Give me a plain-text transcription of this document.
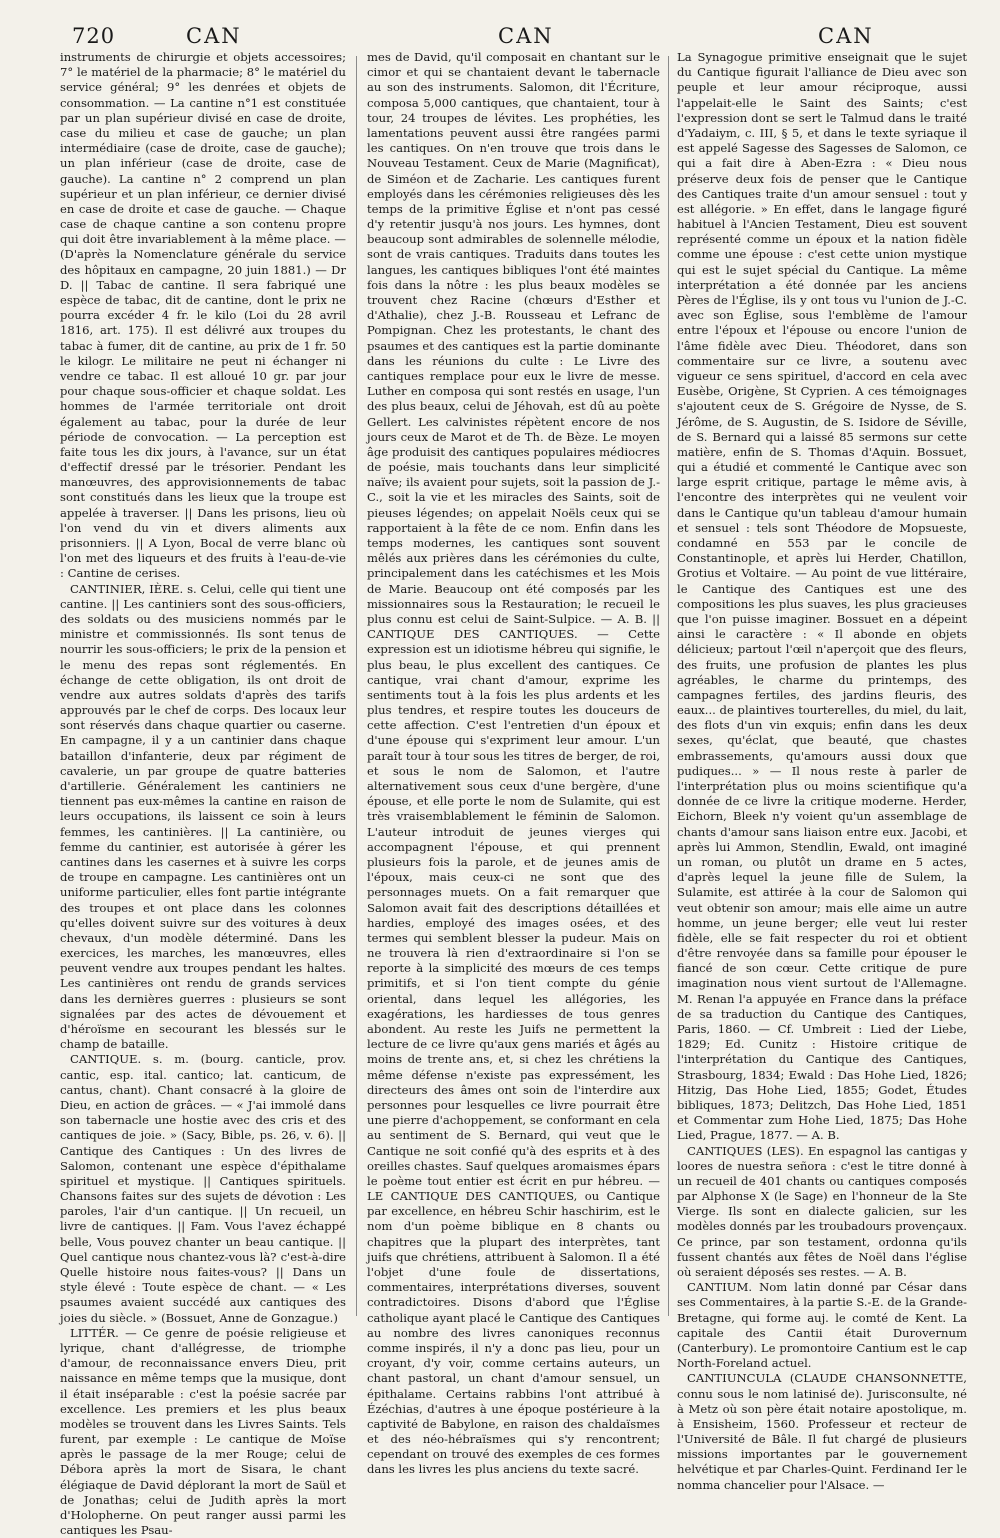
720	CAN	CAN	CAN

instruments de chirurgie et objets accessoires; 7° le matériel de la pharmacie; 8° le matériel du service général; 9° les denrées et objets de consommation. — La cantine n°1 est constituée par un plan supérieur divisé en case de droite, case du milieu et case de gauche; un plan intermédiaire (case de droite, case de gauche); un plan inférieur (case de droite, case de gauche). La cantine n° 2 comprend un plan supérieur et un plan inférieur, ce dernier divisé en case de droite et case de gauche. — Chaque case de chaque cantine a son contenu propre qui doit être invariablement à la même place. — (D'après la Nomenclature générale du service des hôpitaux en campagne, 20 juin 1881.) — Dr D. || Tabac de cantine. Il sera fabriqué une espèce de tabac, dit de cantine, dont le prix ne pourra excéder 4 fr. le kilo (Loi du 28 avril 1816, art. 175). Il est délivré aux troupes du tabac à fumer, dit de cantine, au prix de 1 fr. 50 le kilogr. Le militaire ne peut ni échanger ni vendre ce tabac. Il est alloué 10 gr. par jour pour chaque sous-officier et chaque soldat. Les hommes de l'armée territoriale ont droit également au tabac, pour la durée de leur période de convocation. — La perception est faite tous les dix jours, à l'avance, sur un état d'effectif dressé par le trésorier. Pendant les manœuvres, des approvisionnements de tabac sont constitués dans les lieux que la troupe est appelée à traverser. || Dans les prisons, lieu où l'on vend du vin et divers aliments aux prisonniers. || A Lyon, Bocal de verre blanc où l'on met des liqueurs et des fruits à l'eau-de-vie : Cantine de cerises.

CANTINIER, IÈRE. s. Celui, celle qui tient une cantine. || Les cantiniers sont des sous-officiers, des soldats ou des musiciens nommés par le ministre et commissionnés. Ils sont tenus de nourrir les sous-officiers; le prix de la pension et le menu des repas sont réglementés. En échange de cette obligation, ils ont droit de vendre aux autres soldats d'après des tarifs approuvés par le chef de corps. Des locaux leur sont réservés dans chaque quartier ou caserne. En campagne, il y a un cantinier dans chaque bataillon d'infanterie, deux par régiment de cavalerie, un par groupe de quatre batteries d'artillerie. Généralement les cantiniers ne tiennent pas eux-mêmes la cantine en raison de leurs occupations, ils laissent ce soin à leurs femmes, les cantinières. || La cantinière, ou femme du cantinier, est autorisée à gérer les cantines dans les casernes et à suivre les corps de troupe en campagne. Les cantinières ont un uniforme particulier, elles font partie intégrante des troupes et ont place dans les colonnes qu'elles doivent suivre sur des voitures à deux chevaux, d'un modèle déterminé. Dans les exercices, les marches, les manœuvres, elles peuvent vendre aux troupes pendant les haltes. Les cantinières ont rendu de grands services dans les dernières guerres : plusieurs se sont signalées par des actes de dévouement et d'héroïsme en secourant les blessés sur le champ de bataille.

CANTIQUE. s. m. (bourg. canticle, prov. cantic, esp. ital. cantico; lat. canticum, de cantus, chant). Chant consacré à la gloire de Dieu, en action de grâces. — « J'ai immolé dans son tabernacle une hostie avec des cris et des cantiques de joie. » (Sacy, Bible, ps. 26, v. 6). || Cantique des Cantiques : Un des livres de Salomon, contenant une espèce d'épithalame spirituel et mystique. || Cantiques spirituels. Chansons faites sur des sujets de dévotion : Les paroles, l'air d'un cantique. || Un recueil, un livre de cantiques. || Fam. Vous l'avez échappé belle, Vous pouvez chanter un beau cantique. || Quel cantique nous chantez-vous là? c'est-à-dire Quelle histoire nous faites-vous? || Dans un style élevé : Toute espèce de chant. — « Les psaumes avaient succédé aux cantiques des joies du siècle. » (Bossuet, Anne de Gonzague.)

LITTÉR. — Ce genre de poésie religieuse et lyrique, chant d'allégresse, de triomphe d'amour, de reconnaissance envers Dieu, prit naissance en même temps que la musique, dont il était inséparable : c'est la poésie sacrée par excellence. Les premiers et les plus beaux modèles se trouvent dans les Livres Saints. Tels furent, par exemple : Le cantique de Moïse après le passage de la mer Rouge; celui de Débora après la mort de Sisara, le chant élégiaque de David déplorant la mort de Saül et de Jonathas; celui de Judith après la mort d'Holopherne. On peut ranger aussi parmi les cantiques les Psau-

mes de David, qu'il composait en chantant sur le cimor et qui se chantaient devant le tabernacle au son des instruments. Salomon, dit l'Écriture, composa 5,000 cantiques, que chantaient, tour à tour, 24 troupes de lévites. Les prophéties, les lamentations peuvent aussi être rangées parmi les cantiques. On n'en trouve que trois dans le Nouveau Testament. Ceux de Marie (Magnificat), de Siméon et de Zacharie. Les cantiques furent employés dans les cérémonies religieuses dès les temps de la primitive Église et n'ont pas cessé d'y retentir jusqu'à nos jours. Les hymnes, dont beaucoup sont admirables de solennelle mélodie, sont de vrais cantiques. Traduits dans toutes les langues, les cantiques bibliques l'ont été maintes fois dans la nôtre : les plus beaux modèles se trouvent chez Racine (chœurs d'Esther et d'Athalie), chez J.-B. Rousseau et Lefranc de Pompignan. Chez les protestants, le chant des psaumes et des cantiques est la partie dominante dans les réunions du culte : Le Livre des cantiques remplace pour eux le livre de messe. Luther en composa qui sont restés en usage, l'un des plus beaux, celui de Jéhovah, est dû au poète Gellert. Les calvinistes répètent encore de nos jours ceux de Marot et de Th. de Bèze. Le moyen âge produisit des cantiques populaires médiocres de poésie, mais touchants dans leur simplicité naïve; ils avaient pour sujets, soit la passion de J.-C., soit la vie et les miracles des Saints, soit de pieuses légendes; on appelait Noëls ceux qui se rapportaient à la fête de ce nom. Enfin dans les temps modernes, les cantiques sont souvent mêlés aux prières dans les cérémonies du culte, principalement dans les catéchismes et les Mois de Marie. Beaucoup ont été composés par les missionnaires sous la Restauration; le recueil le plus connu est celui de Saint-Sulpice. — A. B. || CANTIQUE DES CANTIQUES. — Cette expression est un idiotisme hébreu qui signifie, le plus beau, le plus excellent des cantiques. Ce cantique, vrai chant d'amour, exprime les sentiments tout à la fois les plus ardents et les plus tendres, et respire toutes les douceurs de cette affection. C'est l'entretien d'un époux et d'une épouse qui s'expriment leur amour. L'un paraît tour à tour sous les titres de berger, de roi, et sous le nom de Salomon, et l'autre alternativement sous ceux d'une bergère, d'une épouse, et elle porte le nom de Sulamite, qui est très vraisemblablement le féminin de Salomon. L'auteur introduit de jeunes vierges qui accompagnent l'épouse, et qui prennent plusieurs fois la parole, et de jeunes amis de l'époux, mais ceux-ci ne sont que des personnages muets. On a fait remarquer que Salomon avait fait des descriptions détaillées et hardies, employé des images osées, et des termes qui semblent blesser la pudeur. Mais on ne trouvera là rien d'extraordinaire si l'on se reporte à la simplicité des mœurs de ces temps primitifs, et si l'on tient compte du génie oriental, dans lequel les allégories, les exagérations, les hardiesses de tous genres abondent. Au reste les Juifs ne permettent la lecture de ce livre qu'aux gens mariés et âgés au moins de trente ans, et, si chez les chrétiens la même défense n'existe pas expressément, les directeurs des âmes ont soin de l'interdire aux personnes pour lesquelles ce livre pourrait être une pierre d'achoppement, se conformant en cela au sentiment de S. Bernard, qui veut que le Cantique ne soit confié qu'à des esprits et à des oreilles chastes. Sauf quelques aromaismes épars le poème tout entier est écrit en pur hébreu. — LE CANTIQUE DES CANTIQUES, ou Cantique par excellence, en hébreu Schir haschirim, est le nom d'un poème biblique en 8 chants ou chapitres que la plupart des interprètes, tant juifs que chrétiens, attribuent à Salomon. Il a été l'objet d'une foule de dissertations, commentaires, interprétations diverses, souvent contradictoires. Disons d'abord que l'Église catholique ayant placé le Cantique des Cantiques au nombre des livres canoniques reconnus comme inspirés, il n'y a donc pas lieu, pour un croyant, d'y voir, comme certains auteurs, un chant pastoral, un chant d'amour sensuel, un épithalame. Certains rabbins l'ont attribué à Ézéchias, d'autres à une époque postérieure à la captivité de Babylone, en raison des chaldaïsmes et des néo-hébraïsmes qui s'y rencontrent; cependant on trouvé des exemples de ces formes dans les livres les plus anciens du texte sacré.

La Synagogue primitive enseignait que le sujet du Cantique figurait l'alliance de Dieu avec son peuple et leur amour réciproque, aussi l'appelait-elle le Saint des Saints; c'est l'expression dont se sert le Talmud dans le traité d'Yadaiym, c. III, § 5, et dans le texte syriaque il est appelé Sagesse des Sagesses de Salomon, ce qui a fait dire à Aben-Ezra : « Dieu nous préserve deux fois de penser que le Cantique des Cantiques traite d'un amour sensuel : tout y est allégorie. » En effet, dans le langage figuré habituel à l'Ancien Testament, Dieu est souvent représenté comme un époux et la nation fidèle comme une épouse : c'est cette union mystique qui est le sujet spécial du Cantique. La même interprétation a été donnée par les anciens Pères de l'Église, ils y ont tous vu l'union de J.-C. avec son Église, sous l'emblème de l'amour entre l'époux et l'épouse ou encore l'union de l'âme fidèle avec Dieu. Théodoret, dans son commentaire sur ce livre, a soutenu avec vigueur ce sens spirituel, d'accord en cela avec Eusèbe, Origène, St Cyprien. A ces témoignages s'ajoutent ceux de S. Grégoire de Nysse, de S. Jérôme, de S. Augustin, de S. Isidore de Séville, de S. Bernard qui a laissé 85 sermons sur cette matière, enfin de S. Thomas d'Aquin. Bossuet, qui a étudié et commenté le Cantique avec son large esprit critique, partage le même avis, à l'encontre des interprètes qui ne veulent voir dans le Cantique qu'un tableau d'amour humain et sensuel : tels sont Théodore de Mopsueste, condamné en 553 par le concile de Constantinople, et après lui Herder, Chatillon, Grotius et Voltaire. — Au point de vue littéraire, le Cantique des Cantiques est une des compositions les plus suaves, les plus gracieuses que l'on puisse imaginer. Bossuet en a dépeint ainsi le caractère : « Il abonde en objets délicieux; partout l'œil n'aperçoit que des fleurs, des fruits, une profusion de plantes les plus agréables, le charme du printemps, des campagnes fertiles, des jardins fleuris, des eaux... de plaintives tourterelles, du miel, du lait, des flots d'un vin exquis; enfin dans les deux sexes, qu'éclat, que beauté, que chastes embrassements, qu'amours aussi doux que pudiques... » — Il nous reste à parler de l'interprétation plus ou moins scientifique qu'a donnée de ce livre la critique moderne. Herder, Eichorn, Bleek n'y voient qu'un assemblage de chants d'amour sans liaison entre eux. Jacobi, et après lui Ammon, Stendlin, Ewald, ont imaginé un roman, ou plutôt un drame en 5 actes, d'après lequel la jeune fille de Sulem, la Sulamite, est attirée à la cour de Salomon qui veut obtenir son amour; mais elle aime un autre homme, un jeune berger; elle veut lui rester fidèle, elle se fait respecter du roi et obtient d'être renvoyée dans sa famille pour épouser le fiancé de son cœur. Cette critique de pure imagination nous vient surtout de l'Allemagne. M. Renan l'a appuyée en France dans la préface de sa traduction du Cantique des Cantiques, Paris, 1860. — Cf. Umbreit : Lied der Liebe, 1829; Ed. Cunitz : Histoire critique de l'interprétation du Cantique des Cantiques, Strasbourg, 1834; Ewald : Das Hohe Lied, 1826; Hitzig, Das Hohe Lied, 1855; Godet, Études bibliques, 1873; Delitzch, Das Hohe Lied, 1851 et Commentar zum Hohe Lied, 1875; Das Hohe Lied, Prague, 1877. — A. B.

CANTIQUES (LES). En espagnol las cantigas y loores de nuestra señora : c'est le titre donné à un recueil de 401 chants ou cantiques composés par Alphonse X (le Sage) en l'honneur de la Ste Vierge. Ils sont en dialecte galicien, sur les modèles donnés par les troubadours provençaux. Ce prince, par son testament, ordonna qu'ils fussent chantés aux fêtes de Noël dans l'église où seraient déposés ses restes. — A. B.

CANTIUM. Nom latin donné par César dans ses Commentaires, à la partie S.-E. de la Grande-Bretagne, qui forme auj. le comté de Kent. La capitale des Cantii était Durovernum (Canterbury). Le promontoire Cantium est le cap North-Foreland actuel.

CANTIUNCULA (CLAUDE CHANSONNETTE, connu sous le nom latinisé de). Jurisconsulte, né à Metz où son père était notaire apostolique, m. à Ensisheim, 1560. Professeur et recteur de l'Université de Bâle. Il fut chargé de plusieurs missions importantes par le gouvernement helvétique et par Charles-Quint. Ferdinand Ier le nomma chancelier pour l'Alsace. —
